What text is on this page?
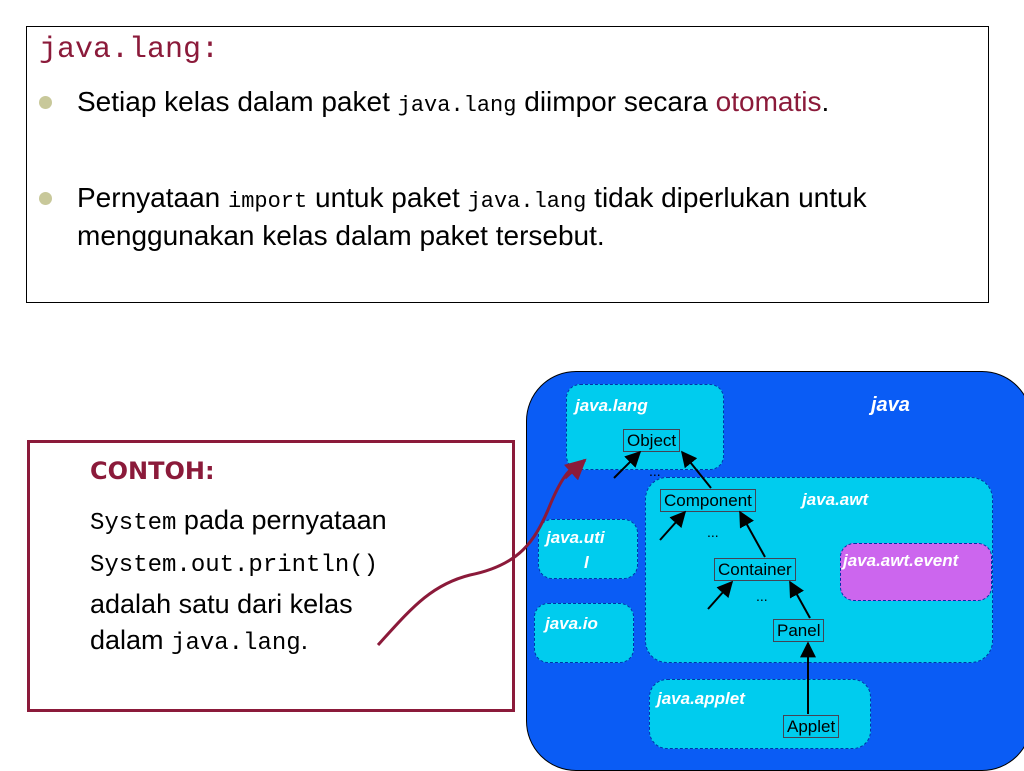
java.lang:
Setiap kelas dalam paket java.lang diimpor secara otomatis.
Pernyataan import untuk paket java.lang tidak diperlukan untuk menggunakan kelas dalam paket tersebut.
CONTOH:
System pada pernyataan
System.out.println()
adalah satu dari kelas
dalam java.lang.
java
java.lang
java.uti
l
java.io
java.awt
java.awt.event
java.applet
Object
...
Component
...
Container
...
Panel
Applet
